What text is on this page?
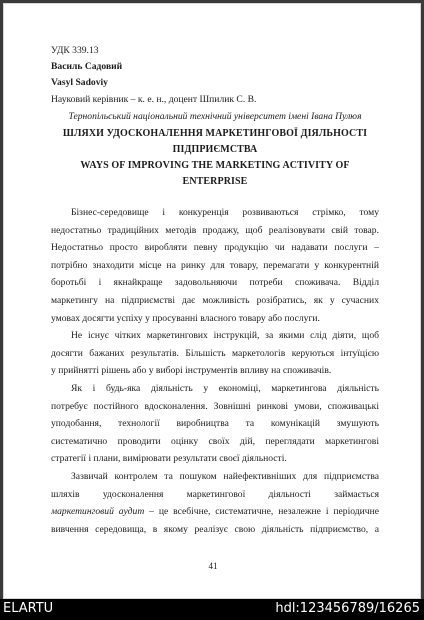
УДК 339.13
Василь Садовий
Vasyl Sadoviy
Науковий керівник – к. е. н., доцент Шпилик С. В.
Тернопільський національний технічний університет імені Івана Пулюя
ШЛЯХИ УДОСКОНАЛЕННЯ МАРКЕТИНГОВОЇ ДІЯЛЬНОСТІ
ПІДПРИЄМСТВА
WAYS OF IMPROVING THE MARKETING ACTIVITY OF
ENTERPRISE
Бізнес-середовище і конкуренція розвиваються стрімко, тому
недостатньо традиційних методів продажу, щоб реалізовувати свій товар.
Недостатньо просто виробляти певну продукцію чи надавати послуги –
потрібно знаходити місце на ринку для товару, перемагати у конкурентній
боротьбі і якнайкраще задовольняючи потреби споживача. Відділ
маркетингу на підприємстві дає можливість розібратись, як у сучасних
умовах досягти успіху у просуванні власного товару або послуги.
Не існує чітких маркетингових інструкцій, за якими слід діяти, щоб
досягти бажаних результатів. Більшість маркетологів керуються інтуїцією
у прийнятті рішень або у виборі інструментів впливу на споживачів.
Як і будь-яка діяльність у економіці, маркетингова діяльність
потребує постійного вдосконалення. Зовнішні ринкові умови, споживацькі
уподобання, технології виробництва та комунікацій змушують
систематично проводити оцінку своїх дій, переглядати маркетингові
стратегії і плани, вимірювати результати своєї діяльності.
Зазвичай контролем та пошуком найефективніших для підприємства
шляхів удосконалення маркетингової діяльності займається
маркетинговий аудит – це всебічне, систематичне, незалежне і періодичне
вивчення середовища, в якому реалізує свою діяльність підприємство, а
41
ELARTU	hdl:123456789/16265
